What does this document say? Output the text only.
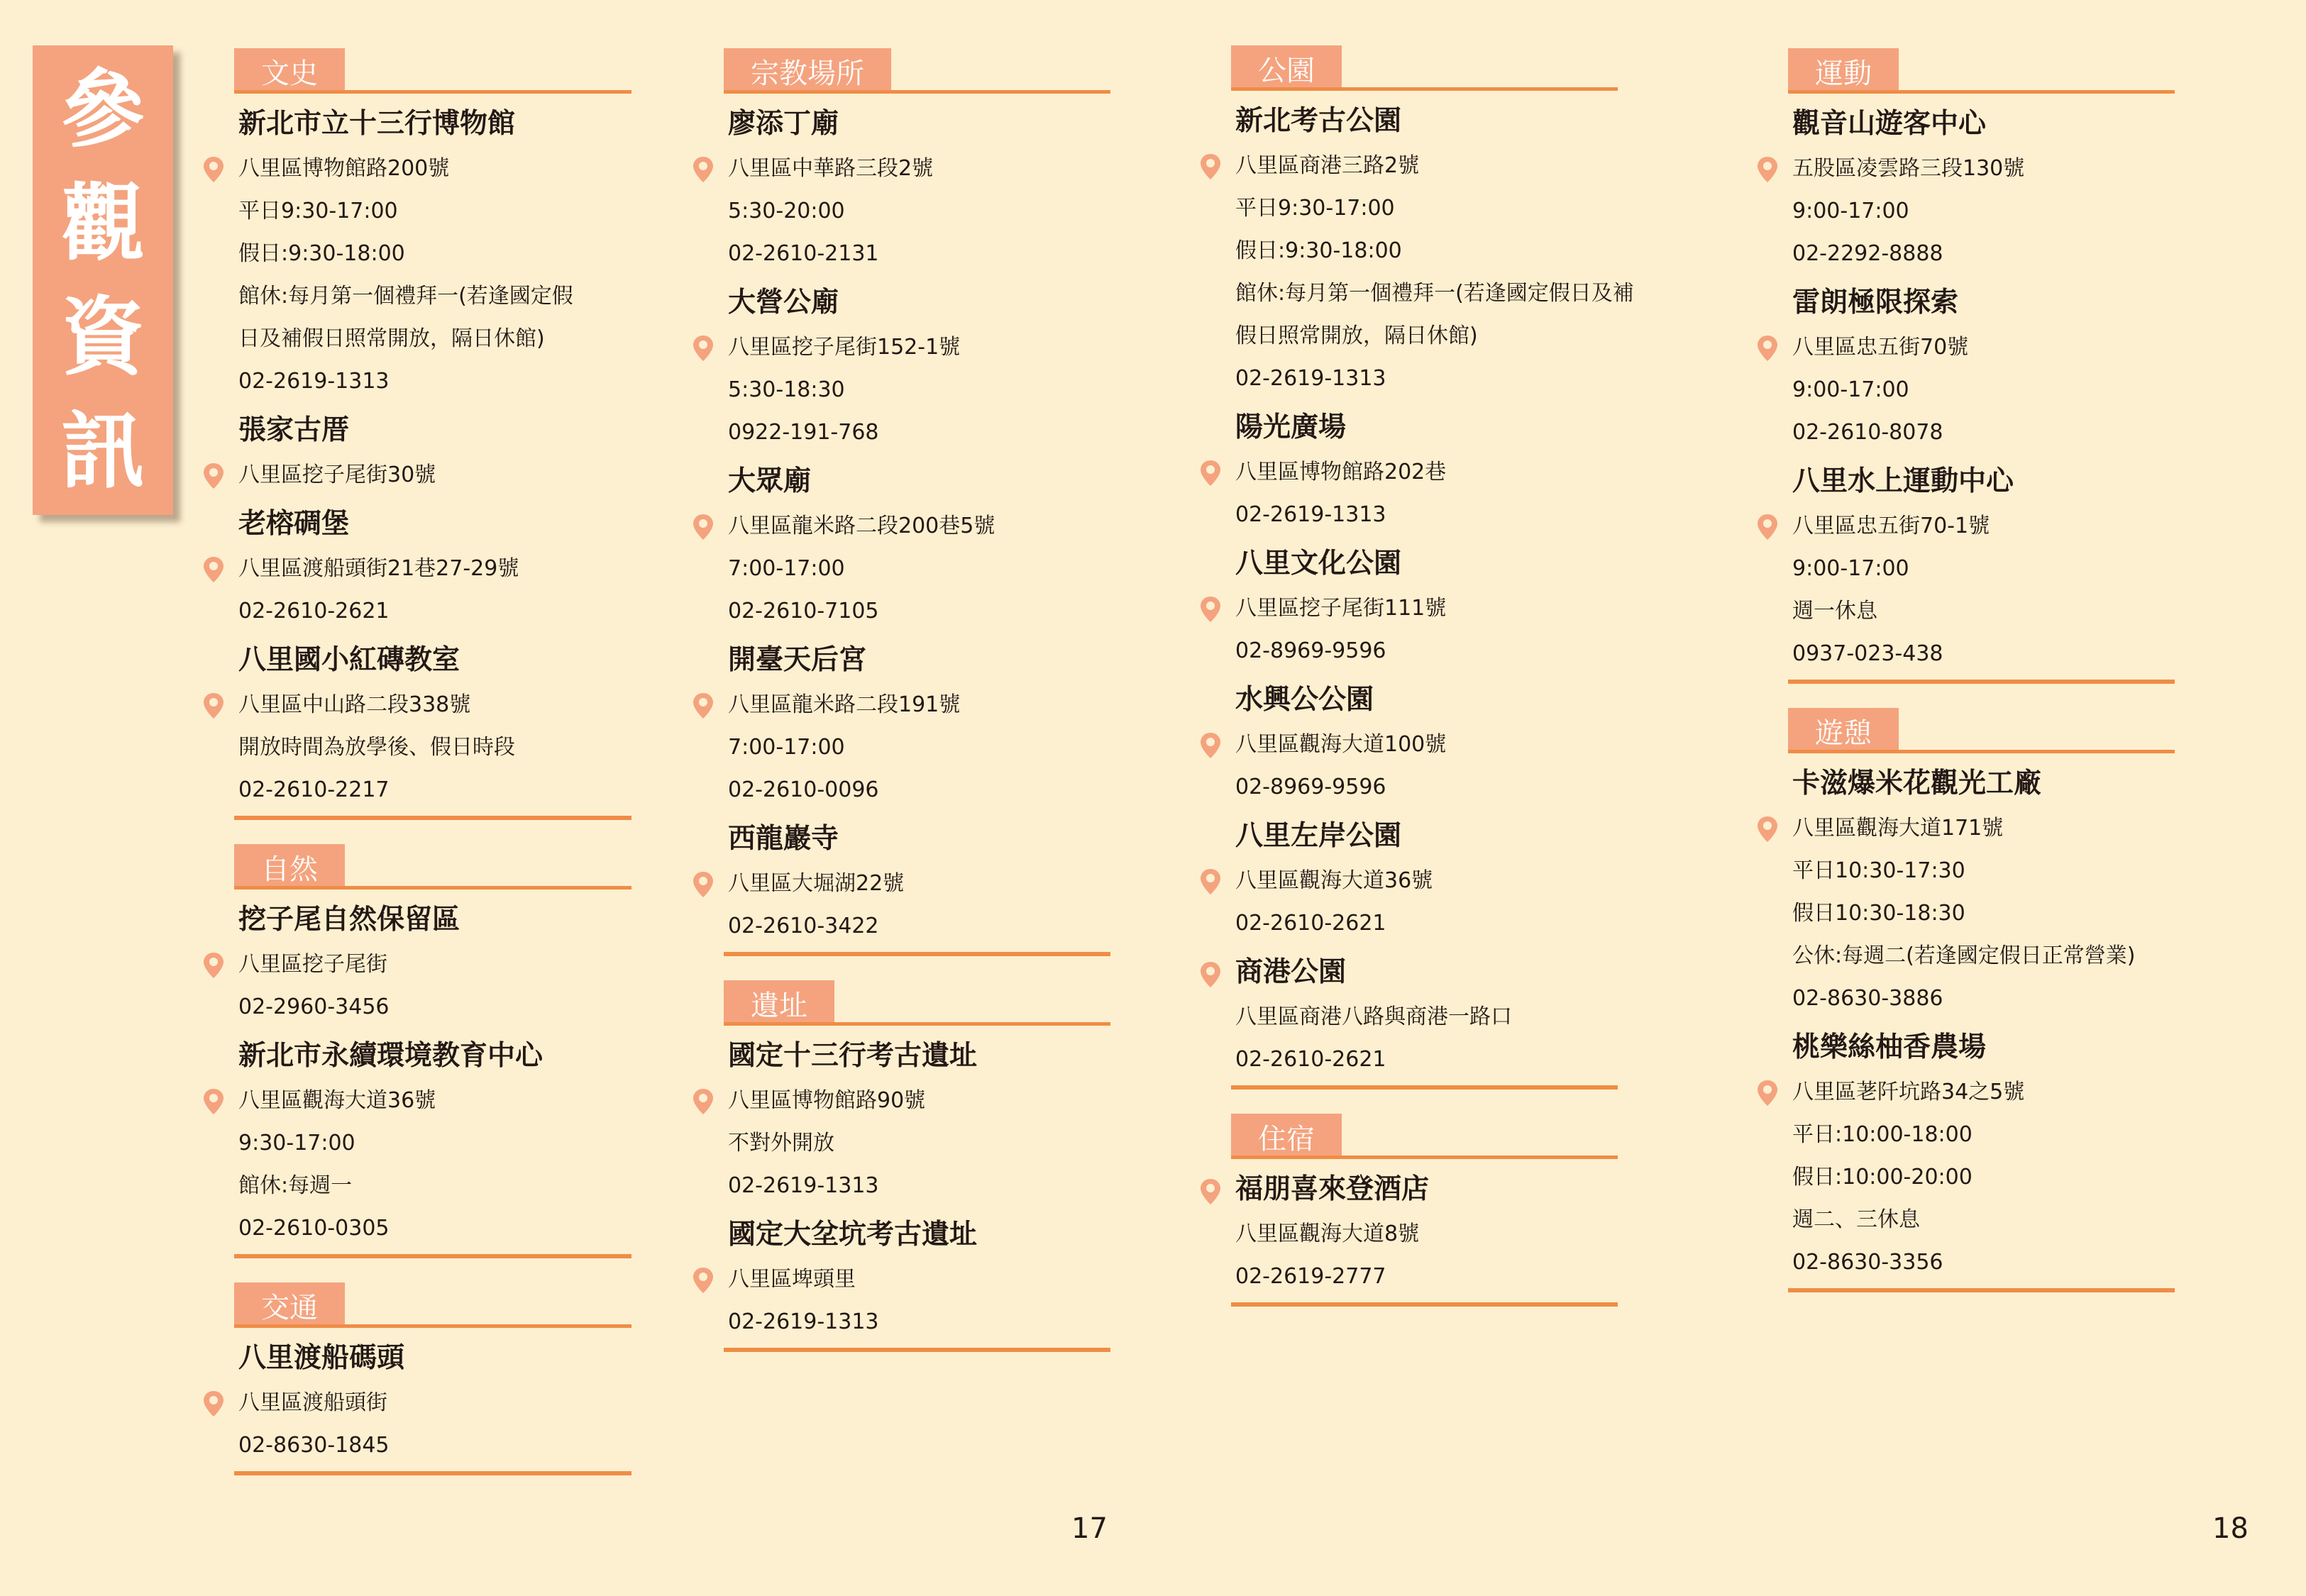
參
觀
資
訊
文史
新北市立十三行博物館
八里區博物館路200號
平日9:30-17:00
假日:9:30-18:00
館休:每月第一個禮拜一(若逢國定假
日及補假日照常開放，隔日休館)
02-2619-1313
張家古厝
八里區挖子尾街30號
老榕碉堡
八里區渡船頭街21巷27-29號
02-2610-2621
八里國小紅磚教室
八里區中山路二段338號
開放時間為放學後、假日時段
02-2610-2217
自然
挖子尾自然保留區
八里區挖子尾街
02-2960-3456
新北市永續環境教育中心
八里區觀海大道36號
9:30-17:00
館休:每週一
02-2610-0305
交通
八里渡船碼頭
八里區渡船頭街
02-8630-1845
宗教場所
廖添丁廟
八里區中華路三段2號
5:30-20:00
02-2610-2131
大營公廟
八里區挖子尾街152-1號
5:30-18:30
0922-191-768
大眾廟
八里區龍米路二段200巷5號
7:00-17:00
02-2610-7105
開臺天后宮
八里區龍米路二段191號
7:00-17:00
02-2610-0096
西龍巖寺
八里區大堀湖22號
02-2610-3422
遺址
國定十三行考古遺址
八里區博物館路90號
不對外開放
02-2619-1313
國定大坌坑考古遺址
八里區埤頭里
02-2619-1313
公園
新北考古公園
八里區商港三路2號
平日9:30-17:00
假日:9:30-18:00
館休:每月第一個禮拜一(若逢國定假日及補
假日照常開放，隔日休館)
02-2619-1313
陽光廣場
八里區博物館路202巷
02-2619-1313
八里文化公園
八里區挖子尾街111號
02-8969-9596
水興公公園
八里區觀海大道100號
02-8969-9596
八里左岸公園
八里區觀海大道36號
02-2610-2621
商港公園
八里區商港八路與商港一路口
02-2610-2621
住宿
福朋喜來登酒店
八里區觀海大道8號
02-2619-2777
運動
觀音山遊客中心
五股區凌雲路三段130號
9:00-17:00
02-2292-8888
雷朗極限探索
八里區忠五街70號
9:00-17:00
02-2610-8078
八里水上運動中心
八里區忠五街70-1號
9:00-17:00
週一休息
0937-023-438
遊憩
卡滋爆米花觀光工廠
八里區觀海大道171號
平日10:30-17:30
假日10:30-18:30
公休:每週二(若逢國定假日正常營業)
02-8630-3886
桃樂絲柚香農場
八里區荖阡坑路34之5號
平日:10:00-18:00
假日:10:00-20:00
週二、三休息
02-8630-3356
17	18
